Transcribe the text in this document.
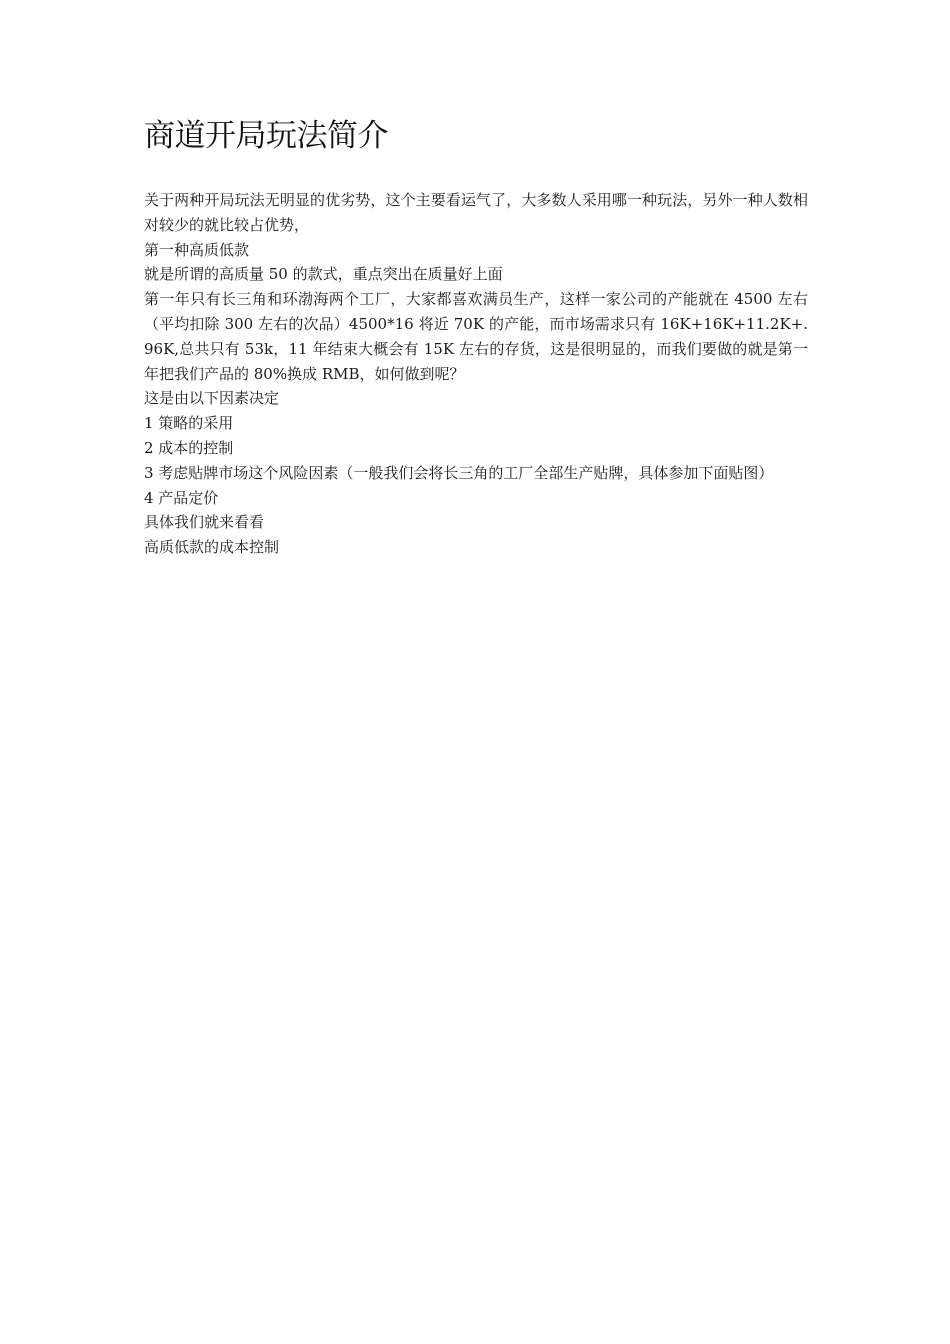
商道开局玩法简介

关于两种开局玩法无明显的优劣势，这个主要看运气了，大多数人采用哪一种玩法，另外一种人数相对较少的就比较占优势，

第一种高质低款

就是所谓的高质量 50 的款式，重点突出在质量好上面

第一年只有长三角和环渤海两个工厂，大家都喜欢满员生产，这样一家公司的产能就在 4500 左右（平均扣除 300 左右的次品）4500*16 将近 70K 的产能，而市场需求只有 16K+16K+11.2K+.96K,总共只有 53k，11 年结束大概会有 15K 左右的存货，这是很明显的，而我们要做的就是第一年把我们产品的 80%换成 RMB，如何做到呢？

这是由以下因素决定

1 策略的采用

2 成本的控制

3 考虑贴牌市场这个风险因素（一般我们会将长三角的工厂全部生产贴牌，具体参加下面贴图）

4 产品定价

具体我们就来看看

高质低款的成本控制
